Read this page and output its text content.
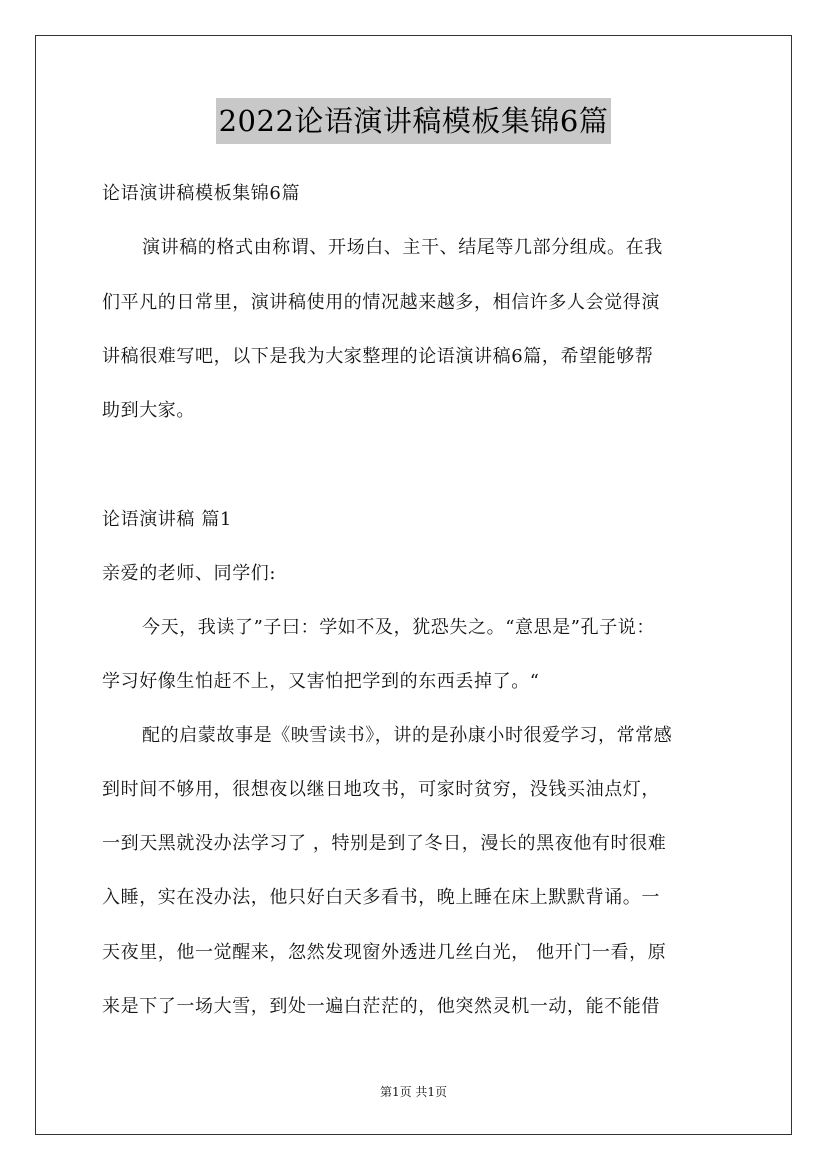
2022论语演讲稿模板集锦6篇
论语演讲稿模板集锦6篇
演讲稿的格式由称谓、开场白、主干、结尾等几部分组成。在我
们平凡的日常里，演讲稿使用的情况越来越多，相信许多人会觉得演
讲稿很难写吧，以下是我为大家整理的论语演讲稿6篇，希望能够帮
助到大家。
论语演讲稿 篇1
亲爱的老师、同学们:
今天，我读了”子曰：学如不及，犹恐失之。“意思是”孔子说：
学习好像生怕赶不上，又害怕把学到的东西丢掉了。“
配的启蒙故事是《映雪读书》，讲的是孙康小时很爱学习，常常感
到时间不够用，很想夜以继日地攻书，可家时贫穷，没钱买油点灯，
一到天黑就没办法学习了 ，特别是到了冬日，漫长的黑夜他有时很难
入睡，实在没办法，他只好白天多看书，晚上睡在床上默默背诵。一
天夜里，他一觉醒来，忽然发现窗外透进几丝白光， 他开门一看，原
来是下了一场大雪，到处一遍白茫茫的，他突然灵机一动，能不能借
第1页 共1页
